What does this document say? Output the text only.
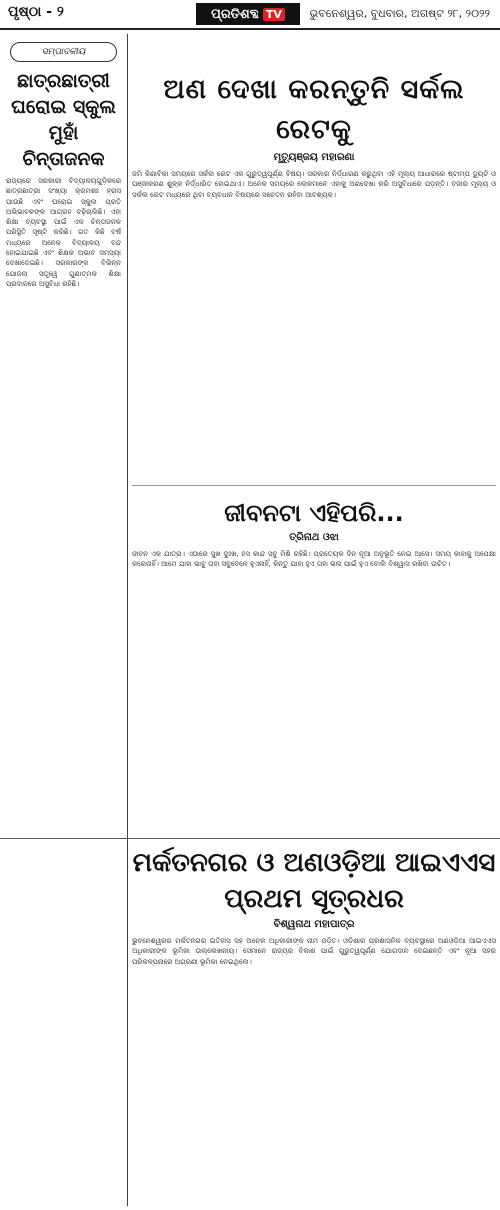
ପୃଷ୍ଠା - ୨	ପ୍ରତିଶବ୍ଦ TV	ଭୁବନେଶ୍ୱର, ବୁଧବାର, ଅଗଷ୍ଟ ୨୮, ୨୦୨୨
ସମ୍ପାଦକୀୟ
ଛାତ୍ରଛାତ୍ରୀ ଘରୋଇ ସ୍କୁଲ ମୁହାଁ ଚିନ୍ତାଜନକ
ରାଜ୍ୟରେ ସରକାରୀ ବିଦ୍ୟାଳୟଗୁଡ଼ିକରେ ଛାତ୍ରଛାତ୍ରୀ ସଂଖ୍ୟା କ୍ରମଶଃ ହ୍ରାସ ପାଉଛି ଏବଂ ଘରୋଇ ସ୍କୁଲ ପ୍ରତି ଅଭିଭାବକଙ୍କ ଆଗ୍ରହ ବଢ଼ିଚାଲିଛି। ଏହା ଶିକ୍ଷା ବ୍ୟବସ୍ଥା ପାଇଁ ଏକ ଚିନ୍ତାଜନକ ପରିସ୍ଥିତି ସୃଷ୍ଟି କରିଛି। ଗତ କିଛି ବର୍ଷ ମଧ୍ୟରେ ଅନେକ ବିଦ୍ୟାଳୟ ବନ୍ଦ ହୋଇଯାଇଛି ଏବଂ ଶିକ୍ଷକ ଅଭାବ ସମସ୍ୟା ଦେଖାଦେଇଛି। ସରକାରଙ୍କ ବିଭିନ୍ନ ଯୋଜନା ସତ୍ତ୍ୱେ ଗୁଣାତ୍ମକ ଶିକ୍ଷା ପ୍ରଦାନରେ ଅସୁବିଧା ରହିଛି।
ଅଣ ଦେଖା କରନ୍ତୁନି ସର୍କଲ ରେଟକୁ
ମୃତ୍ୟୁଞ୍ଜୟ ମହାରଣା
ଜମି କିଣାବିକା ସମୟରେ ସର୍କଲ ରେଟ ଏକ ଗୁରୁତ୍ୱପୂର୍ଣ୍ଣ ବିଷୟ। ସରକାର ନିର୍ଦ୍ଧାରଣ କରୁଥିବା ଏହି ମୂଲ୍ୟ ଆଧାରରେ ଷ୍ଟାମ୍ପ ଡ୍ୟୁଟି ଓ ପଞ୍ଜୀକରଣ ଶୁଳ୍କ ନିର୍ଦ୍ଧାରିତ ହୋଇଥାଏ। ଅନେକ ସମୟରେ ଲୋକମାନେ ଏହାକୁ ଅଣଦେଖା କରି ଅସୁବିଧାରେ ପଡ଼ନ୍ତି। ବଜାର ମୂଲ୍ୟ ଓ ସର୍କଲ ରେଟ ମଧ୍ୟରେ ଥିବା ବ୍ୟବଧାନ ବିଷୟରେ ସଚେତନ ରହିବା ଆବଶ୍ୟକ।
ଜୀବନଟା ଏହିପରି...
ତ୍ରିନାଥ ଓଝା
ଜୀବନ ଏକ ଯାତ୍ରା। ଏଠାରେ ସୁଖ ଦୁଃଖ, ହସ କାନ୍ଦ ସବୁ ମିଶି ରହିଛି। ପ୍ରତ୍ୟେକ ଦିନ ନୂଆ ଅନୁଭୂତି ନେଇ ଆସେ। ସମୟ କାହାକୁ ଅପେକ୍ଷା କରେନାହିଁ। ଆମେ ଯାହା ଭାବୁ ତାହା ସବୁବେଳେ ହୁଏନାହିଁ, କିନ୍ତୁ ଯାହା ହୁଏ ତାହା ଭଲ ପାଇଁ ହୁଏ ବୋଲି ବିଶ୍ୱାସ ରଖିବା ଉଚିତ।
ମର୍କତନଗର ଓ ଅଣଓଡ଼ିଆ ଆଇଏଏସ ପ୍ରଥମ ସୂତ୍ରଧର
ବିଶ୍ୱନାଥ ମହାପାତ୍ର
ଭୁବନେଶ୍ୱରର ମର୍କତନଗର ଇତିହାସ ସହ ଅନେକ ଅଧିକାରୀଙ୍କ ନାମ ଜଡ଼ିତ। ଓଡ଼ିଶାର ପ୍ରଶାସନିକ ବ୍ୟବସ୍ଥାରେ ଅଣଓଡ଼ିଆ ଆଇଏଏସ ଅଧିକାରୀଙ୍କ ଭୂମିକା ଉଲ୍ଲେଖନୀୟ। ସେମାନେ ରାଜ୍ୟର ବିକାଶ ପାଇଁ ଗୁରୁତ୍ୱପୂର୍ଣ୍ଣ ଯୋଗଦାନ ଦେଇଛନ୍ତି ଏବଂ ନୂଆ ସହର ପରିକଳ୍ପନାରେ ଅଗ୍ରଣୀ ଭୂମିକା ନେଇଥିଲେ।
